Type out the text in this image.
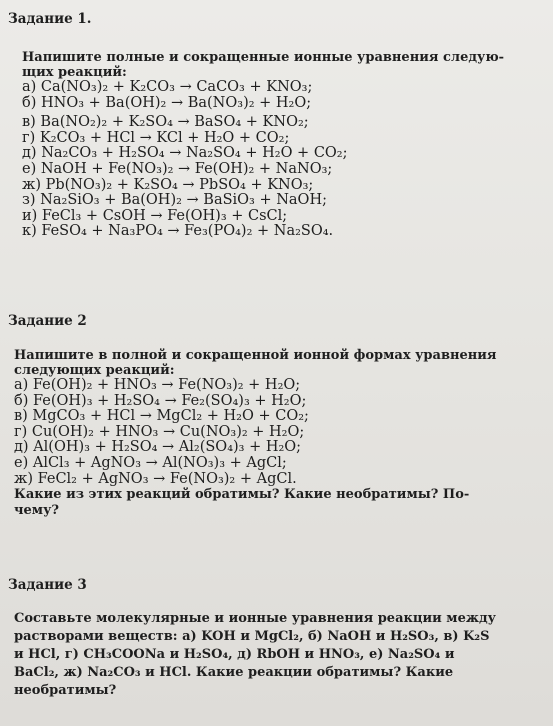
Задание 1.

Напишите полные и сокращенные ионные уравнения следую-

щих реакций:

а) Ca(NO₃)₂ + K₂CO₃ → CaCO₃ + KNO₃;

б) HNO₃ + Ba(OH)₂ → Ba(NO₃)₂ + H₂O;

в) Ba(NO₂)₂ + K₂SO₄ → BaSO₄ + KNO₂;

г) K₂CO₃ + HCl → KCl + H₂O + CO₂;

д) Na₂CO₃ + H₂SO₄ → Na₂SO₄ + H₂O + CO₂;

е) NaOH + Fe(NO₃)₂ → Fe(OH)₂ + NaNO₃;

ж) Pb(NO₃)₂ + K₂SO₄ → PbSO₄ + KNO₃;

з) Na₂SiO₃ + Ba(OH)₂ → BaSiO₃ + NaOH;

и) FeCl₃ + CsOH → Fe(OH)₃ + CsCl;

к) FeSO₄ + Na₃PO₄ → Fe₃(PO₄)₂ + Na₂SO₄.

Задание 2

Напишите в полной и сокращенной ионной формах уравнения

следующих реакций:

а) Fe(OH)₂ + HNO₃ → Fe(NO₃)₂ + H₂O;

б) Fe(OH)₃ + H₂SO₄ → Fe₂(SO₄)₃ + H₂O;

в) MgCO₃ + HCl → MgCl₂ + H₂O + CO₂;

г) Cu(OH)₂ + HNO₃ → Cu(NO₃)₂ + H₂O;

д) Al(OH)₃ + H₂SO₄ → Al₂(SO₄)₃ + H₂O;

е) AlCl₃ + AgNO₃ → Al(NO₃)₃ + AgCl;

ж) FeCl₂ + AgNO₃ → Fe(NO₃)₂ + AgCl.

Какие из этих реакций обратимы? Какие необратимы? По-

чему?

Задание 3

Составьте молекулярные и ионные уравнения реакции между

растворами веществ: а) KOH и MgCl₂, б) NaOH и H₂SO₃, в) K₂S

и HCl, г) CH₃COONa и H₂SO₄, д) RbOH и HNO₃, е) Na₂SO₄ и

BaCl₂, ж) Na₂CO₃ и HCl. Какие реакции обратимы? Какие

необратимы?
